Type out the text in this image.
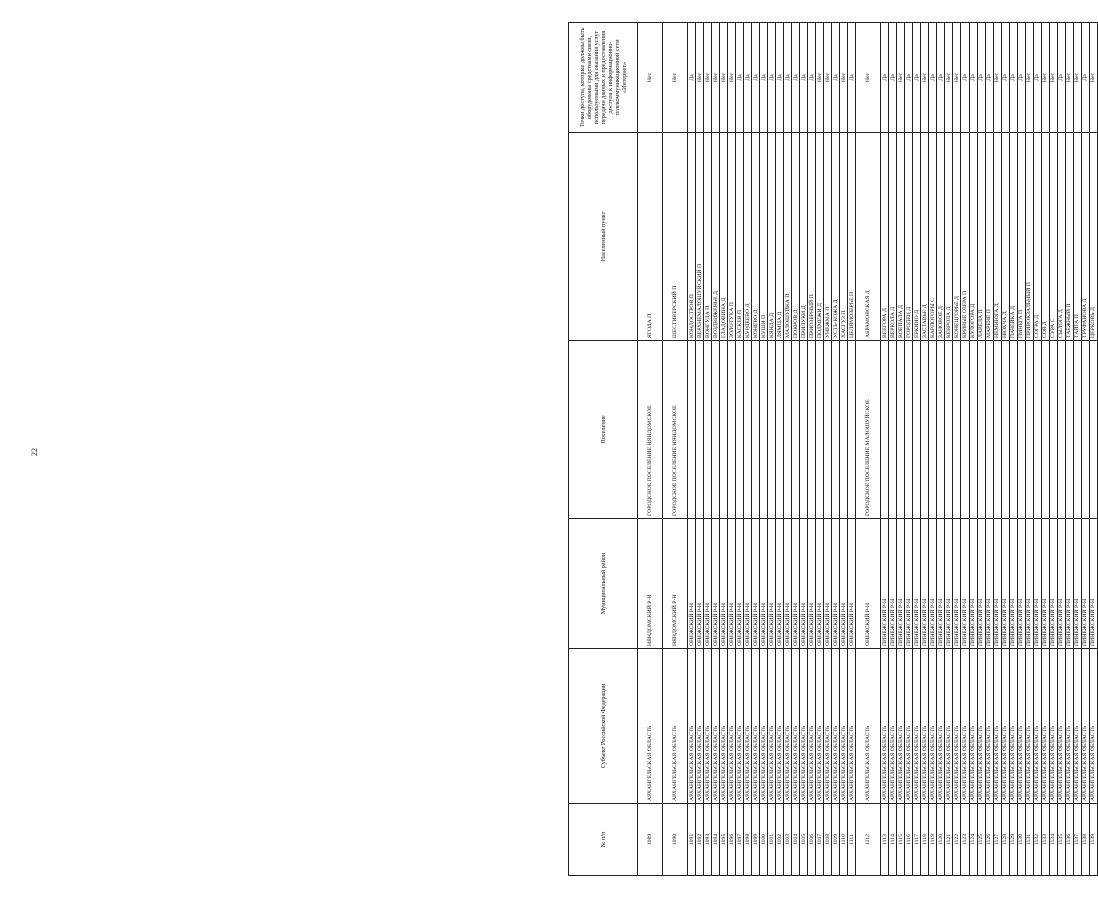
22
№ п/п	Субъект Российской Федерации	Муниципальный район	Поселение	Населенный пункт	Точки доступа, которые должны быть оборудованы средствами связи, используемыми для оказания услуг передачи данных и предоставления доступа к информационно-телекоммуникационной сети «Интернет»
1089	АРХАНГЕЛЬСКАЯ ОБЛАСТЬ	НЯНДОМСКИЙ Р-Н	ГОРОДСКОЕ ПОСЕЛЕНИЕ НЯНДОМСКОЕ	ЯГОДА П	Нет
1090	АРХАНГЕЛЬСКАЯ ОБЛАСТЬ	НЯНДОМСКИЙ Р-Н	ГОРОДСКОЕ ПОСЕЛЕНИЕ НЯНДОМСКОЕ	ШЕСТИВЕРСКИЙ П	Нет
1091	АРХАНГЕЛЬСКАЯ ОБЛАСТЬ	ОНЕЖСКИЙ Р-Н		КОНДОСТРОВ П	Да
1092	АРХАНГЕЛЬСКАЯ ОБЛАСТЬ	ОНЕЖСКИЙ Р-Н		ВЕРХНЕМАЛОШУЙСКИЙ П	Нет
1093	АРХАНГЕЛЬСКАЯ ОБЛАСТЬ	ОНЕЖСКИЙ Р-Н		ВОНГУДА П	Нет
1094	АРХАНГЕЛЬСКАЯ ОБЛАСТЬ	ОНЕЖСКИЙ Р-Н		ВОЗДВИЖЕНЬЕ Д	Нет
1095	АРХАНГЕЛЬСКАЯ ОБЛАСТЬ	ОНЕЖСКИЙ Р-Н		ГЛАДОВИНА Д	Нет
1096	АРХАНГЕЛЬСКАЯ ОБЛАСТЬ	ОНЕЖСКИЙ Р-Н		ЗОЛОТУХА П	Нет
1097	АРХАНГЕЛЬСКАЯ ОБЛАСТЬ	ОНЕЖСКИЙ Р-Н		КАСКЕВ П	Да
1098	АРХАНГЕЛЬСКАЯ ОБЛАСТЬ	ОНЕЖСКИЙ Р-Н		КУРДЕЕВО Д	Да
1099	АРХАНГЕЛЬСКАЯ ОБЛАСТЬ	ОНЕЖСКИЙ Р-Н		КОНЕВО Д	Да
1100	АРХАНГЕЛЬСКАЯ ОБЛАСТЬ	ОНЕЖСКИЙ Р-Н		КУШИ П	Да
1101	АРХАНГЕЛЬСКАЯ ОБЛАСТЬ	ОНЕЖСКИЙ Р-Н		КЯНДА Д	Да
1102	АРХАНГЕЛЬСКАЯ ОБЛАСТЬ	ОНЕЖСКИЙ Р-Н		ЛЯМЦА Д	Да
1103	АРХАНГЕЛЬСКАЯ ОБЛАСТЬ	ОНЕЖСКИЙ Р-Н		МАЛОШУЙКА П	Да
1104	АРХАНГЕЛЬСКАЯ ОБЛАСТЬ	ОНЕЖСКИЙ Р-Н		ПОКРОВ Д	Да
1105	АРХАНГЕЛЬСКАЯ ОБЛАСТЬ	ОНЕЖСКИЙ Р-Н		ПРИЛУКИ Д	Да
1106	АРХАНГЕЛЬСКАЯ ОБЛАСТЬ	ОНЕЖСКИЙ Р-Н		ПРИОЗЕРНЫЙ П	Да
1107	АРХАНГЕЛЬСКАЯ ОБЛАСТЬ	ОНЕЖСКИЙ Р-Н		ПОДМЕЖИ Д	Нет
1108	АРХАНГЕЛЬСКАЯ ОБЛАСТЬ	ОНЕЖСКИЙ Р-Н		УНЕЖМА П	Нет
1109	АРХАНГЕЛЬСКАЯ ОБЛАСТЬ	ОНЕЖСКИЙ Р-Н		УСТЬ-КОЖА Д	Да
1110	АРХАНГЕЛЬСКАЯ ОБЛАСТЬ	ОНЕЖСКИЙ Р-Н		ХАСГУЗ П	Нет
1111	АРХАНГЕЛЬСКАЯ ОБЛАСТЬ	ОНЕЖСКИЙ Р-Н		ЦЕЛЯМОЗЕРЬЕ П	Да
1112	АРХАНГЕЛЬСКАЯ ОБЛАСТЬ	ОНЕЖСКИЙ Р-Н	ГОРОДСКОЕ ПОСЕЛЕНИЕ МАЛОШУЙСКОЕ	АБРАМОВСКАЯ Д	Нет
1113	АРХАНГЕЛЬСКАЯ ОБЛАСТЬ	ПИНЕЖСКИЙ Р-Н		ВЕЕГОРА Д	Да
1114	АРХАНГЕЛЬСКАЯ ОБЛАСТЬ	ПИНЕЖСКИЙ Р-Н		ВЕРКОЛА Д	Да
1115	АРХАНГЕЛЬСКАЯ ОБЛАСТЬ	ПИНЕЖСКИЙ Р-Н		ВОЕПАЛА Д	Нет
1116	АРХАНГЕЛЬСКАЯ ОБЛАСТЬ	ПИНЕЖСКИЙ Р-Н		ГОРОДЕЦ Д	Да
1117	АРХАНГЕЛЬСКАЯ ОБЛАСТЬ	ПИНЕЖСКИЙ Р-Н		ЕРКИНО Д	Да
1118	АРХАНГЕЛЬСКАЯ ОБЛАСТЬ	ПИНЕЖСКИЙ Р-Н		ЗАСТАВЬЕ Д	Нет
1119	АРХАНГЕЛЬСКАЯ ОБЛАСТЬ	ПИНЕЖСКИЙ Р-Н		КАРПОГОРЫ С	Да
1120	АРХАНГЕЛЬСКАЯ ОБЛАСТЬ	ПИНЕЖСКИЙ Р-Н		ЗАНОВОЕ Д	Да
1121	АРХАНГЕЛЬСКАЯ ОБЛАСТЬ	ПИНЕЖСКИЙ Р-Н		КЕВРОЛА Д	Нет
1122	АРХАНГЕЛЬСКАЯ ОБЛАСТЬ	ПИНЕЖСКИЙ Р-Н		КОНЕЦГОРЬЕ Д	Нет
1123	АРХАНГЕЛЬСКАЯ ОБЛАСТЬ	ПИНЕЖСКИЙ Р-Н		КРИВЫЕ ОЗЕРА П	Да
1124	АРХАНГЕЛЬСКАЯ ОБЛАСТЬ	ПИНЕЖСКИЙ Р-Н		КУЛОГОРА Д	Да
1125	АРХАНГЕЛЬСКАЯ ОБЛАСТЬ	ПИНЕЖСКИЙ Р-Н		ЛАВЕЛА П	Да
1126	АРХАНГЕЛЬСКАЯ ОБЛАСТЬ	ПИНЕЖСКИЙ Р-Н		МАРЕНЕ П	Да
1127	АРХАНГЕЛЬСКАЯ ОБЛАСТЬ	ПИНЕЖСКИЙ Р-Н		НЕМНЮГА Д	Нет
1128	АРХАНГЕЛЬСКАЯ ОБЛАСТЬ	ПИНЕЖСКИЙ Р-Н		НЮХЧА Д	Да
1129	АРХАНГЕЛЬСКАЯ ОБЛАСТЬ	ПИНЕЖСКИЙ Р-Н		ПАЧЕЙКА Д	Да
1130	АРХАНГЕЛЬСКАЯ ОБЛАСТЬ	ПИНЕЖСКИЙ Р-Н		ПИНЕГА П	Да
1131	АРХАНГЕЛЬСКАЯ ОБЛАСТЬ	ПИНЕЖСКИЙ Р-Н		ПРИВОКЗАЛЬНЫЙ П	Нет
1132	АРХАНГЕЛЬСКАЯ ОБЛАСТЬ	ПИНЕЖСКИЙ Р-Н		СОГРА Д	Да
1133	АРХАНГЕЛЬСКАЯ ОБЛАСТЬ	ПИНЕЖСКИЙ Р-Н		СОЯ Д	Нет
1134	АРХАНГЕЛЬСКАЯ ОБЛАСТЬ	ПИНЕЖСКИЙ Р-Н		СУРА С	Нет
1135	АРХАНГЕЛЬСКАЯ ОБЛАСТЬ	ПИНЕЖСКИЙ Р-Н		СЫЛОГА Д	Да
1136	АРХАНГЕЛЬСКАЯ ОБЛАСТЬ	ПИНЕЖСКИЙ Р-Н		ТАЕЖНЫЙ П	Нет
1137	АРХАНГЕЛЬСКАЯ ОБЛАСТЬ	ПИНЕЖСКИЙ Р-Н		ТАЙГА П	Нет
1138	АРХАНГЕЛЬСКАЯ ОБЛАСТЬ	ПИНЕЖСКИЙ Р-Н		ТРУФАНОВА Д	Да
1139	АРХАНГЕЛЬСКАЯ ОБЛАСТЬ	ПИНЕЖСКИЙ Р-Н		ЦЕРКОВЬ Д	Нет
